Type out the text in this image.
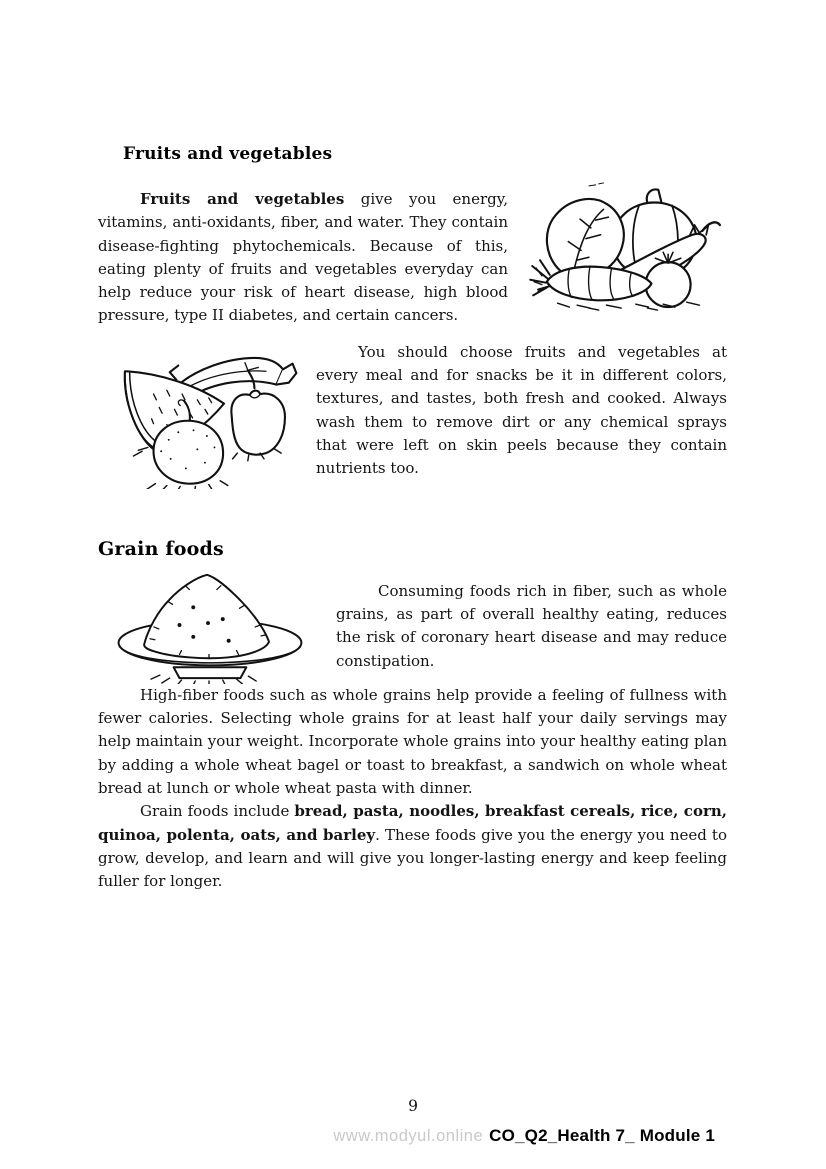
Fruits and vegetables

Fruits and vegetables give you energy, vitamins, anti-oxidants, fiber, and water. They contain disease-fighting phytochemicals. Because of this, eating plenty of fruits and vegetables everyday can help reduce your risk of heart disease, high blood pressure, type II diabetes, and certain cancers.

You should choose fruits and vegetables at every meal and for snacks be it in different colors, textures, and tastes, both fresh and cooked. Always wash them to remove dirt or any chemical sprays that were left on skin peels because they contain nutrients too.

Grain foods

Consuming foods rich in fiber, such as whole grains, as part of overall healthy eating, reduces the risk of coronary heart disease and may reduce constipation.

High-fiber foods such as whole grains help provide a feeling of fullness with fewer calories. Selecting whole grains for at least half your daily servings may help maintain your weight. Incorporate whole grains into your healthy eating plan by adding a whole wheat bagel or toast to breakfast, a sandwich on whole wheat bread at lunch or whole wheat pasta with dinner.

Grain foods include bread, pasta, noodles, breakfast cereals, rice, corn, quinoa, polenta, oats, and barley. These foods give you the energy you need to grow, develop, and learn and will give you longer-lasting energy and keep feeling fuller for longer.

9
www.modyul.online CO_Q2_Health 7_ Module 1
